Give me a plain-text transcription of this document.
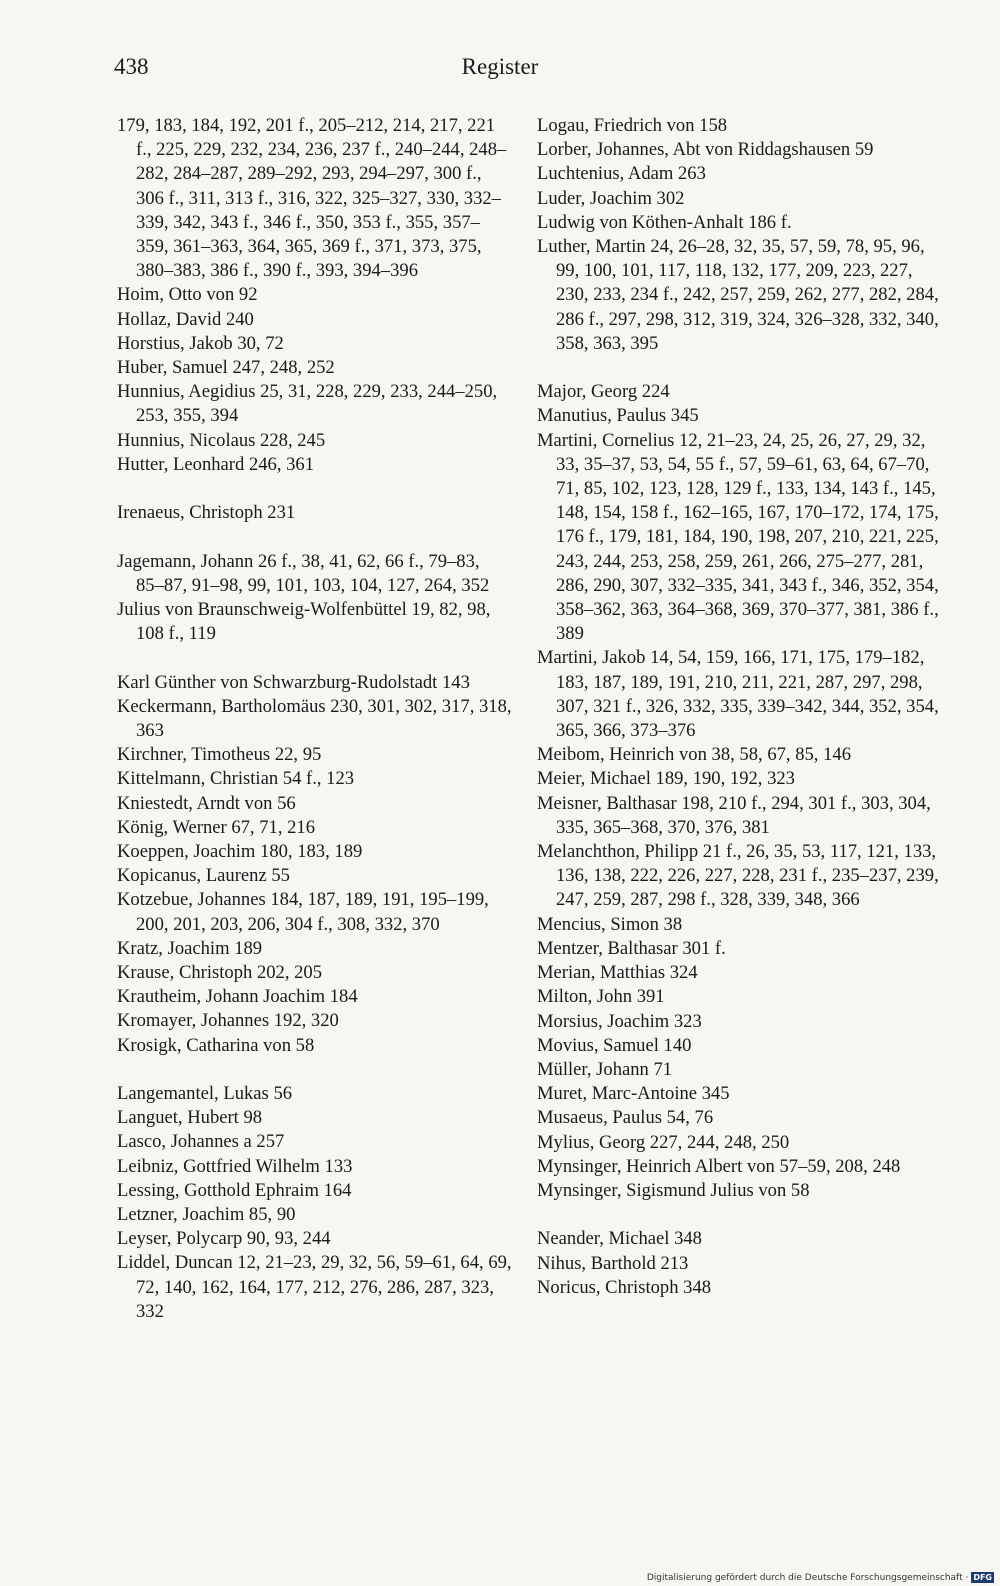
438	Register
179, 183, 184, 192, 201 f., 205–212, 214, 217, 221 f., 225, 229, 232, 234, 236, 237 f., 240–244, 248–282, 284–287, 289–292, 293, 294–297, 300 f., 306 f., 311, 313 f., 316, 322, 325–327, 330, 332–339, 342, 343 f., 346 f., 350, 353 f., 355, 357–359, 361–363, 364, 365, 369 f., 371, 373, 375, 380–383, 386 f., 390 f., 393, 394–396
Hoim, Otto von 92
Hollaz, David 240
Horstius, Jakob 30, 72
Huber, Samuel 247, 248, 252
Hunnius, Aegidius 25, 31, 228, 229, 233, 244–250, 253, 355, 394
Hunnius, Nicolaus 228, 245
Hutter, Leonhard 246, 361
Irenaeus, Christoph 231
Jagemann, Johann 26 f., 38, 41, 62, 66 f., 79–83, 85–87, 91–98, 99, 101, 103, 104, 127, 264, 352
Julius von Braunschweig-Wolfenbüttel 19, 82, 98, 108 f., 119
Karl Günther von Schwarzburg-Rudolstadt 143
Keckermann, Bartholomäus 230, 301, 302, 317, 318, 363
Kirchner, Timotheus 22, 95
Kittelmann, Christian 54 f., 123
Kniestedt, Arndt von 56
König, Werner 67, 71, 216
Koeppen, Joachim 180, 183, 189
Kopicanus, Laurenz 55
Kotzebue, Johannes 184, 187, 189, 191, 195–199, 200, 201, 203, 206, 304 f., 308, 332, 370
Kratz, Joachim 189
Krause, Christoph 202, 205
Krautheim, Johann Joachim 184
Kromayer, Johannes 192, 320
Krosigk, Catharina von 58
Langemantel, Lukas 56
Languet, Hubert 98
Lasco, Johannes a 257
Leibniz, Gottfried Wilhelm 133
Lessing, Gotthold Ephraim 164
Letzner, Joachim 85, 90
Leyser, Polycarp 90, 93, 244
Liddel, Duncan 12, 21–23, 29, 32, 56, 59–61, 64, 69, 72, 140, 162, 164, 177, 212, 276, 286, 287, 323, 332
Logau, Friedrich von 158
Lorber, Johannes, Abt von Riddagshausen 59
Luchtenius, Adam 263
Luder, Joachim 302
Ludwig von Köthen-Anhalt 186 f.
Luther, Martin 24, 26–28, 32, 35, 57, 59, 78, 95, 96, 99, 100, 101, 117, 118, 132, 177, 209, 223, 227, 230, 233, 234 f., 242, 257, 259, 262, 277, 282, 284, 286 f., 297, 298, 312, 319, 324, 326–328, 332, 340, 358, 363, 395
Major, Georg 224
Manutius, Paulus 345
Martini, Cornelius 12, 21–23, 24, 25, 26, 27, 29, 32, 33, 35–37, 53, 54, 55 f., 57, 59–61, 63, 64, 67–70, 71, 85, 102, 123, 128, 129 f., 133, 134, 143 f., 145, 148, 154, 158 f., 162–165, 167, 170–172, 174, 175, 176 f., 179, 181, 184, 190, 198, 207, 210, 221, 225, 243, 244, 253, 258, 259, 261, 266, 275–277, 281, 286, 290, 307, 332–335, 341, 343 f., 346, 352, 354, 358–362, 363, 364–368, 369, 370–377, 381, 386 f., 389
Martini, Jakob 14, 54, 159, 166, 171, 175, 179–182, 183, 187, 189, 191, 210, 211, 221, 287, 297, 298, 307, 321 f., 326, 332, 335, 339–342, 344, 352, 354, 365, 366, 373–376
Meibom, Heinrich von 38, 58, 67, 85, 146
Meier, Michael 189, 190, 192, 323
Meisner, Balthasar 198, 210 f., 294, 301 f., 303, 304, 335, 365–368, 370, 376, 381
Melanchthon, Philipp 21 f., 26, 35, 53, 117, 121, 133, 136, 138, 222, 226, 227, 228, 231 f., 235–237, 239, 247, 259, 287, 298 f., 328, 339, 348, 366
Mencius, Simon 38
Mentzer, Balthasar 301 f.
Merian, Matthias 324
Milton, John 391
Morsius, Joachim 323
Movius, Samuel 140
Müller, Johann 71
Muret, Marc-Antoine 345
Musaeus, Paulus 54, 76
Mylius, Georg 227, 244, 248, 250
Mynsinger, Heinrich Albert von 57–59, 208, 248
Mynsinger, Sigismund Julius von 58
Neander, Michael 348
Nihus, Barthold 213
Noricus, Christoph 348
Digitalisierung gefördert durch die Deutsche Forschungsgemeinschaft · DFG
